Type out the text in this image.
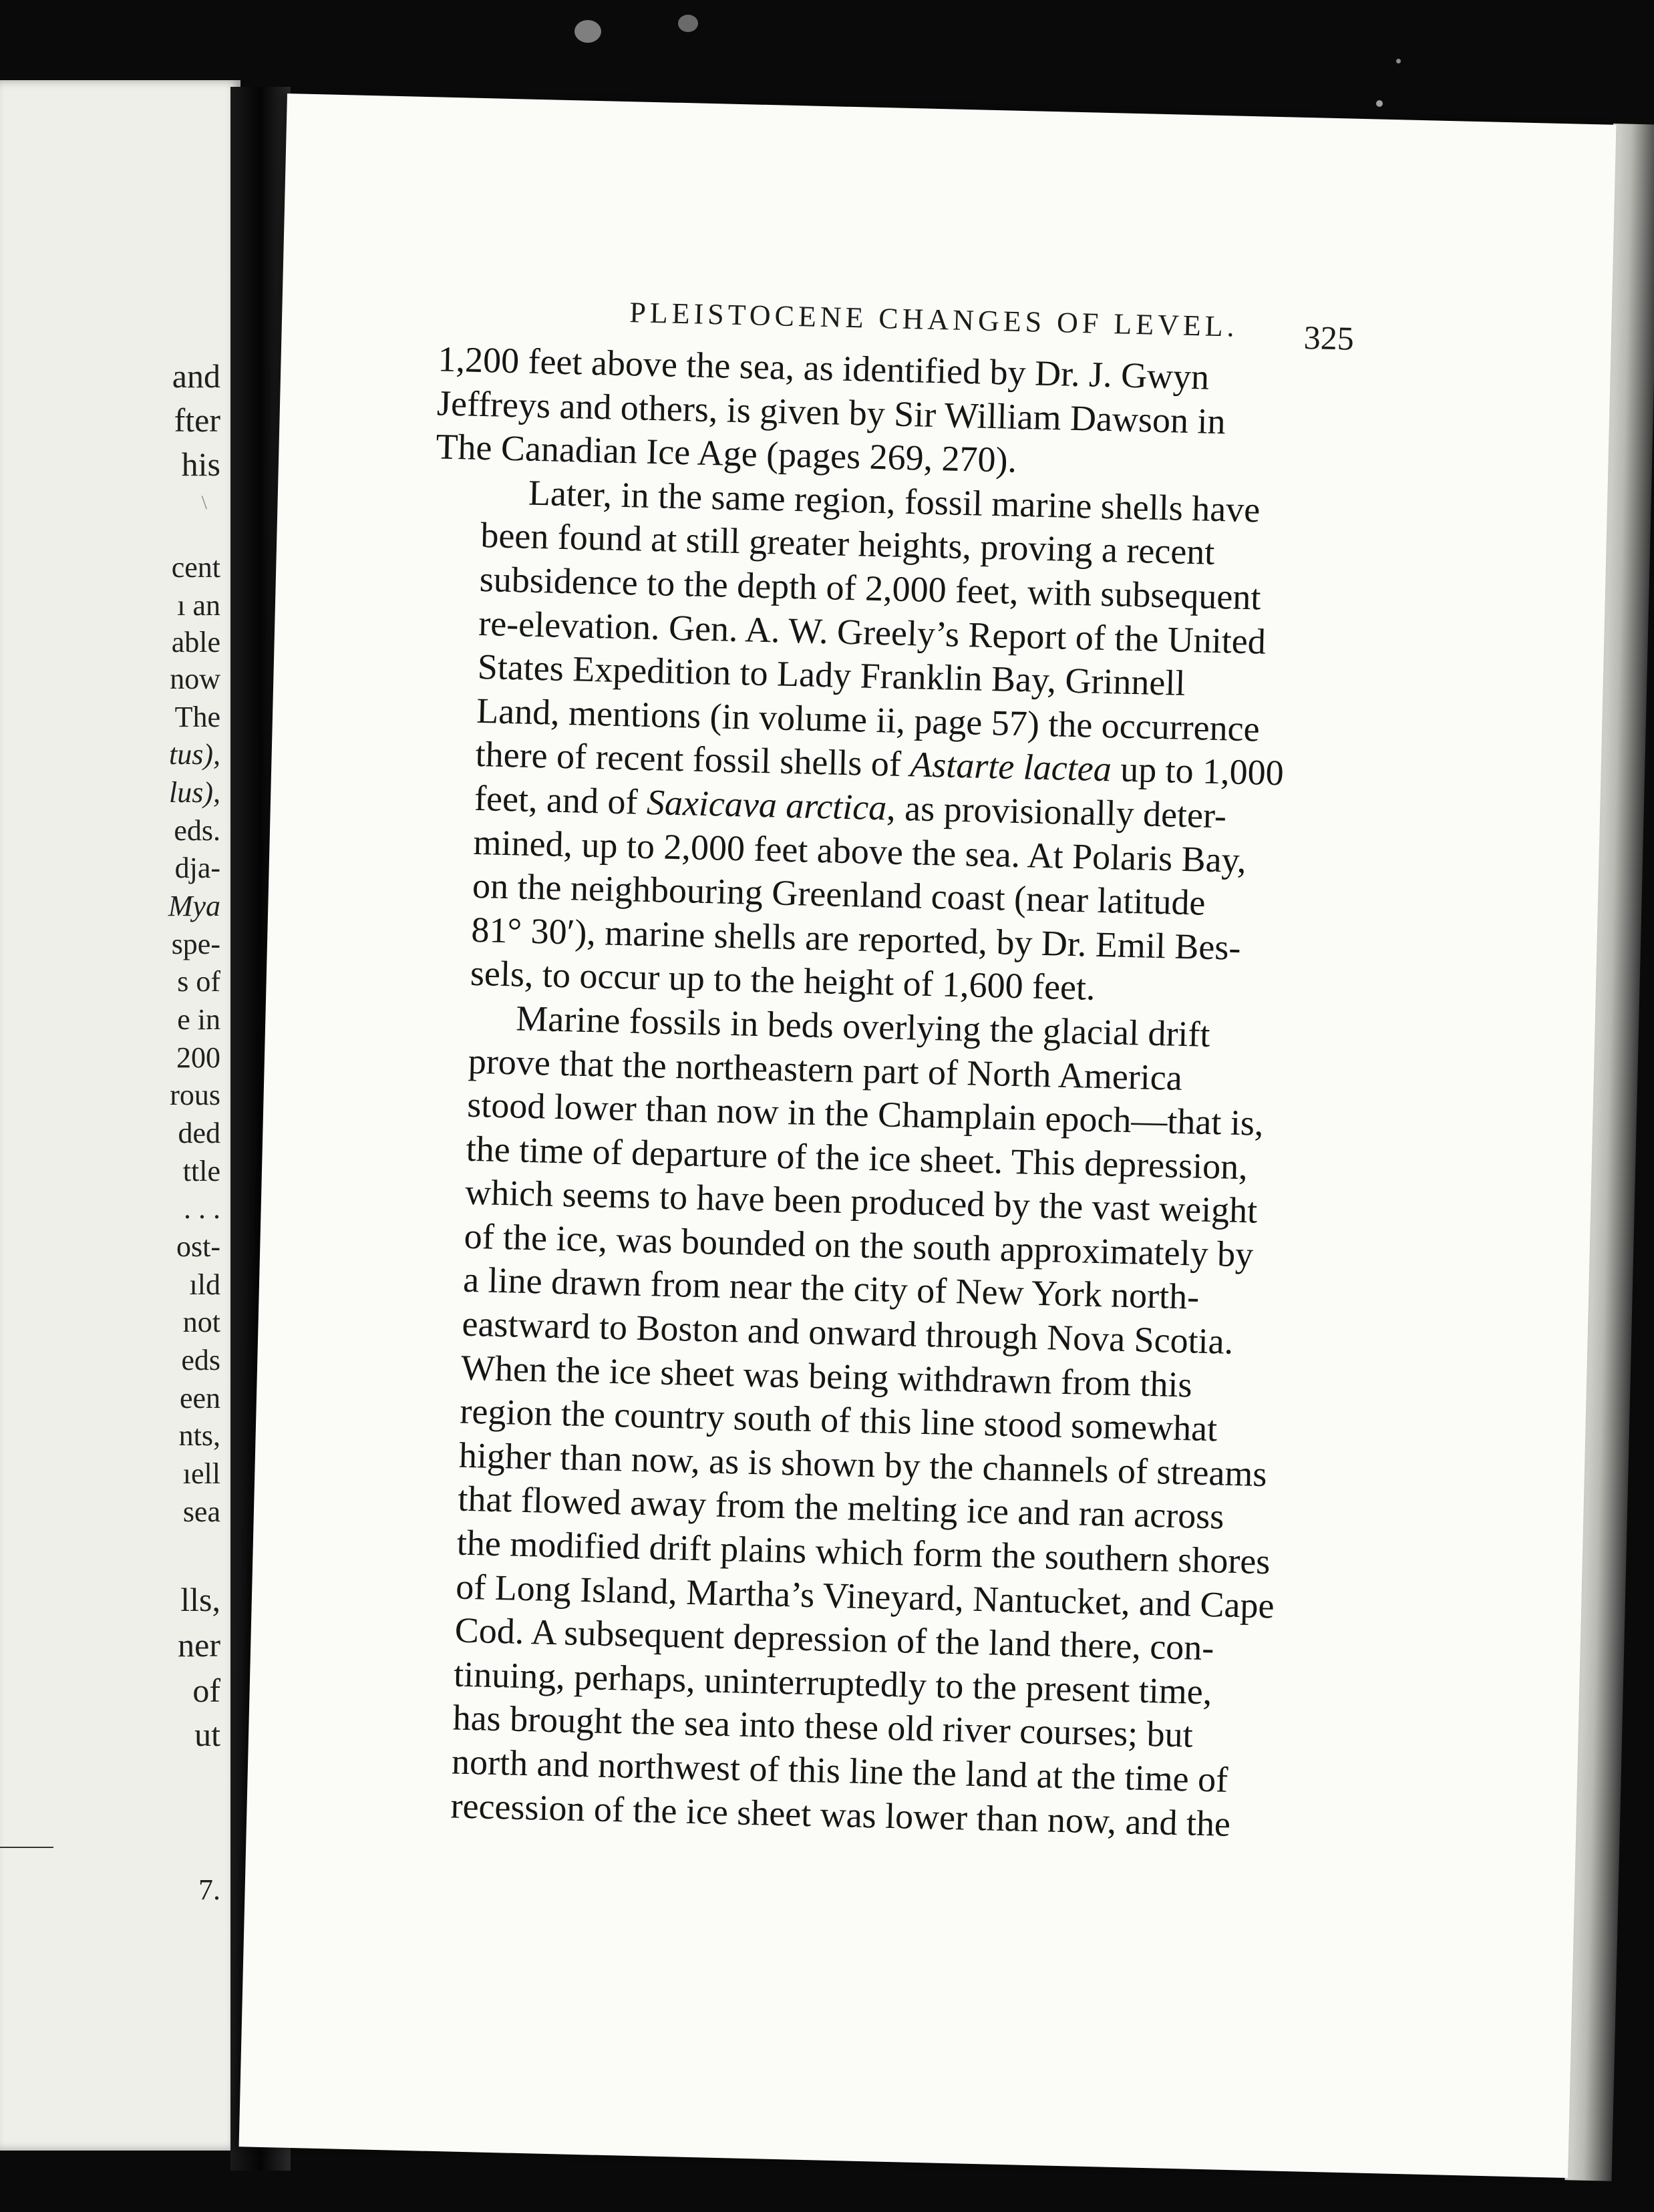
and
fter
his
\
cent
ı an
able
now
The
tus),
lus),
eds.
dja-
Mya
spe-
s of
e in
200
rous
ded
ttle
. . .
ost-
ıld
not
eds
een
nts,
ıell
sea
lls,
ner
of
ut
7.
PLEISTOCENE CHANGES OF LEVEL.	325

1,200 feet above the sea, as identified by Dr. J. Gwyn
Jeffreys and others, is given by Sir William Dawson in
The Canadian Ice Age (pages 269, 270).

Later, in the same region, fossil marine shells have
been found at still greater heights, proving a recent
subsidence to the depth of 2,000 feet, with subsequent
re-elevation. Gen. A. W. Greely’s Report of the United
States Expedition to Lady Franklin Bay, Grinnell
Land, mentions (in volume ii, page 57) the occurrence
there of recent fossil shells of Astarte lactea up to 1,000
feet, and of Saxicava arctica, as provisionally deter-
mined, up to 2,000 feet above the sea. At Polaris Bay,
on the neighbouring Greenland coast (near latitude
81° 30′), marine shells are reported, by Dr. Emil Bes-
sels, to occur up to the height of 1,600 feet.

Marine fossils in beds overlying the glacial drift
prove that the northeastern part of North America
stood lower than now in the Champlain epoch—that is,
the time of departure of the ice sheet. This depression,
which seems to have been produced by the vast weight
of the ice, was bounded on the south approximately by
a line drawn from near the city of New York north-
eastward to Boston and onward through Nova Scotia.
When the ice sheet was being withdrawn from this
region the country south of this line stood somewhat
higher than now, as is shown by the channels of streams
that flowed away from the melting ice and ran across
the modified drift plains which form the southern shores
of Long Island, Martha’s Vineyard, Nantucket, and Cape
Cod. A subsequent depression of the land there, con-
tinuing, perhaps, uninterruptedly to the present time,
has brought the sea into these old river courses; but
north and northwest of this line the land at the time of
recession of the ice sheet was lower than now, and the
